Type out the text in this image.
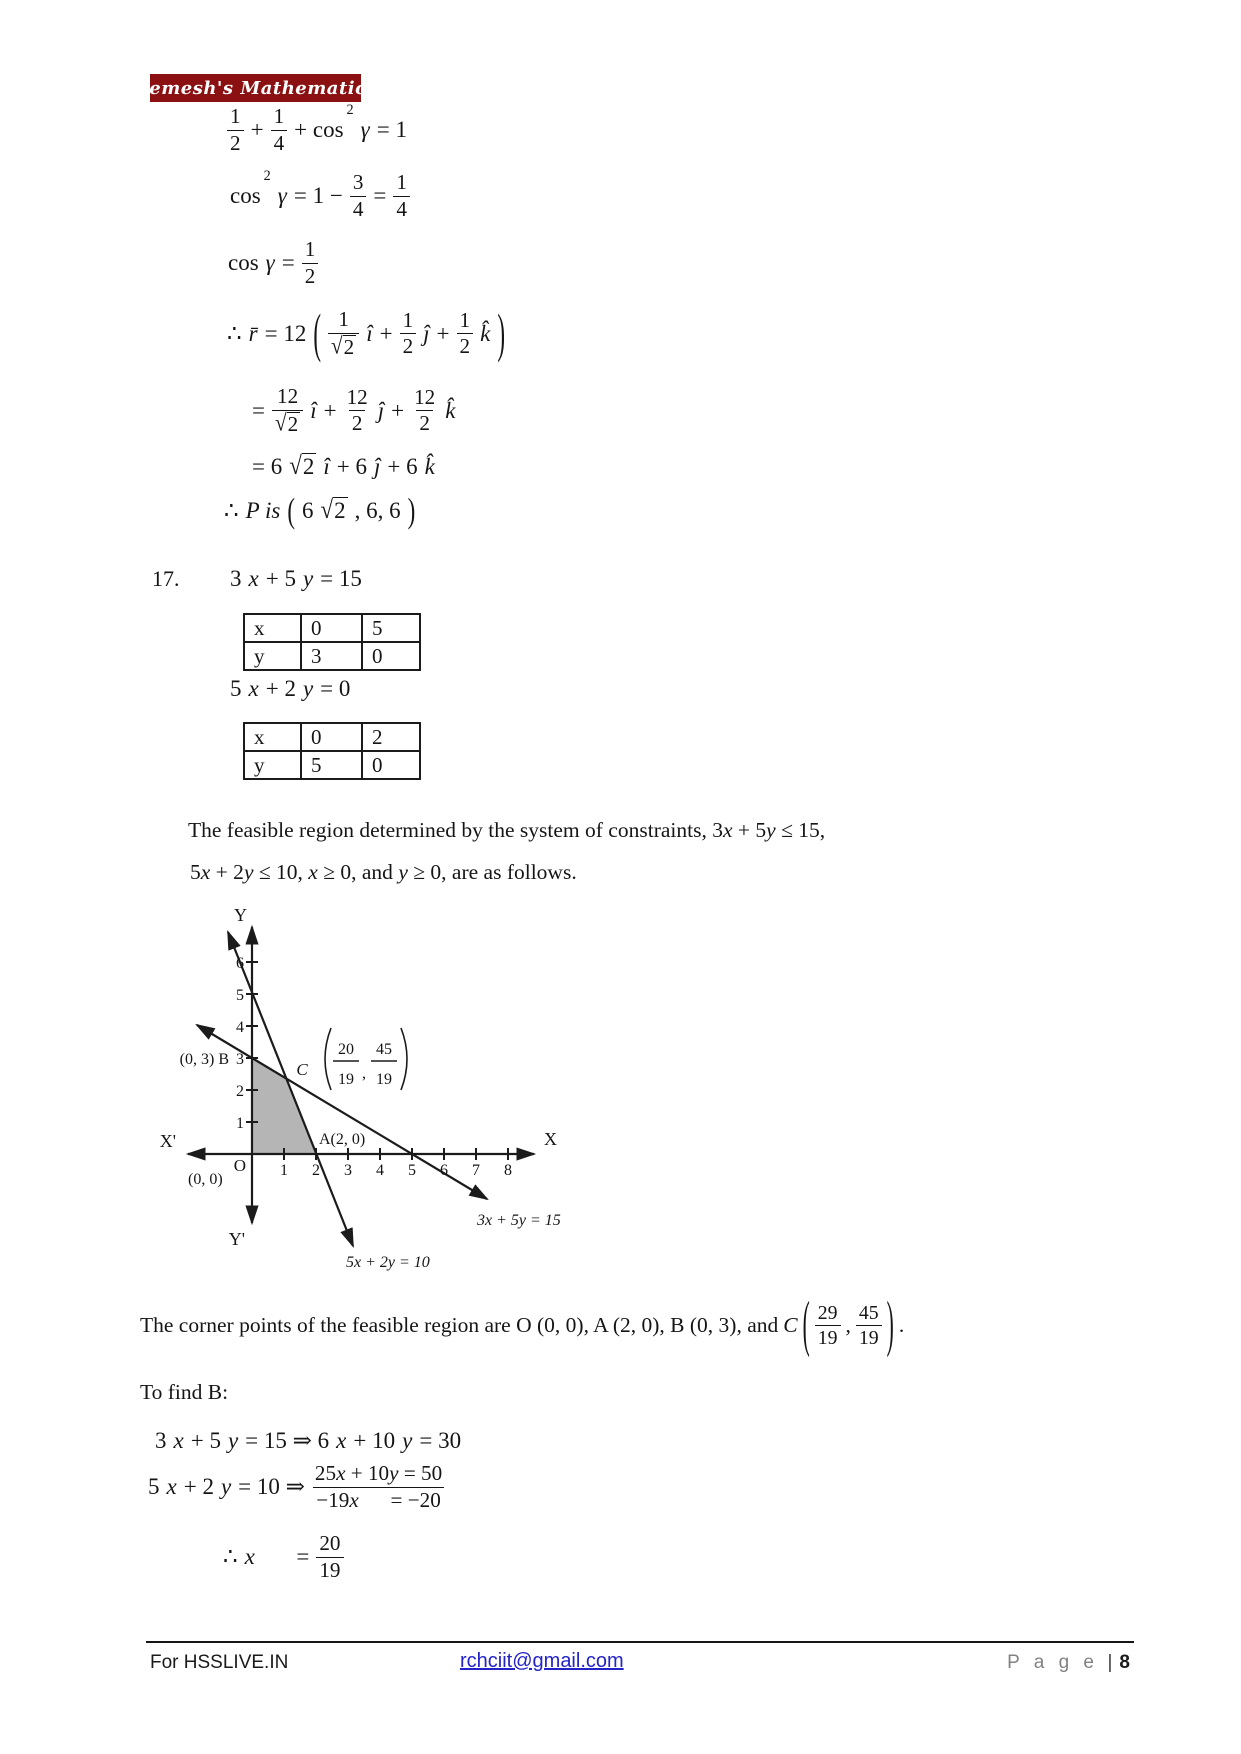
Remesh's Mathematics
$\frac{1}{2} + \frac{1}{4} + \cos$
$^2$
γ = 1
cos
$^2$
$\gamma = 1 - \frac{3}{4} = \frac{1}{4}$
$\cos \gamma = \frac{1}{2}$
∴ r̄ = 12 ( $\frac{1}{√ 2}$ î + $\frac{1}{2}$ ĵ + $\frac{1}{2}$ k̂ )
= $\frac{12}{√ 2}$ î + $\frac{12}{2}$ ĵ + $\frac{12}{2}$ k̂
= 6 √ 2 î + 6 ĵ + 6 k̂
∴ P is ( 6 √ 2 , 6, 6 )
17.	3 x + 5 y = 15
x	0	5
y	3	0
5 x + 2 y = 0
x	0	2
y	5	0
The feasible region determined by the system of constraints, 3x + 5y ≤ 15,
5x + 2y ≤ 10, x ≥ 0, and y ≥ 0, are as follows.
1 2 3 4 5 6 7 8
1
2
3
4
5
6
Y
Y'
X'	X
O
(0, 0)
(0, 3) B
A(2, 0)
C
20
19 ,
45
19
3x + 5y = 15
5x + 2y = 10
The corner points of the feasible region are O (0, 0), A (2, 0), B (0, 3), and C ( $\frac{29}{19}$ , $\frac{45}{19}$ ) .
To find B:
3 x + 5 y = 15 ⇒ 6 x + 10 y = 30
5 x + 2 y = 10 ⇒ $\frac{25x + 10y = 50}{-19x = -20}$
∴ x    = $\frac{20}{19}$
For HSSLIVE.IN	rchciit@gmail.com	P a g e | 8
